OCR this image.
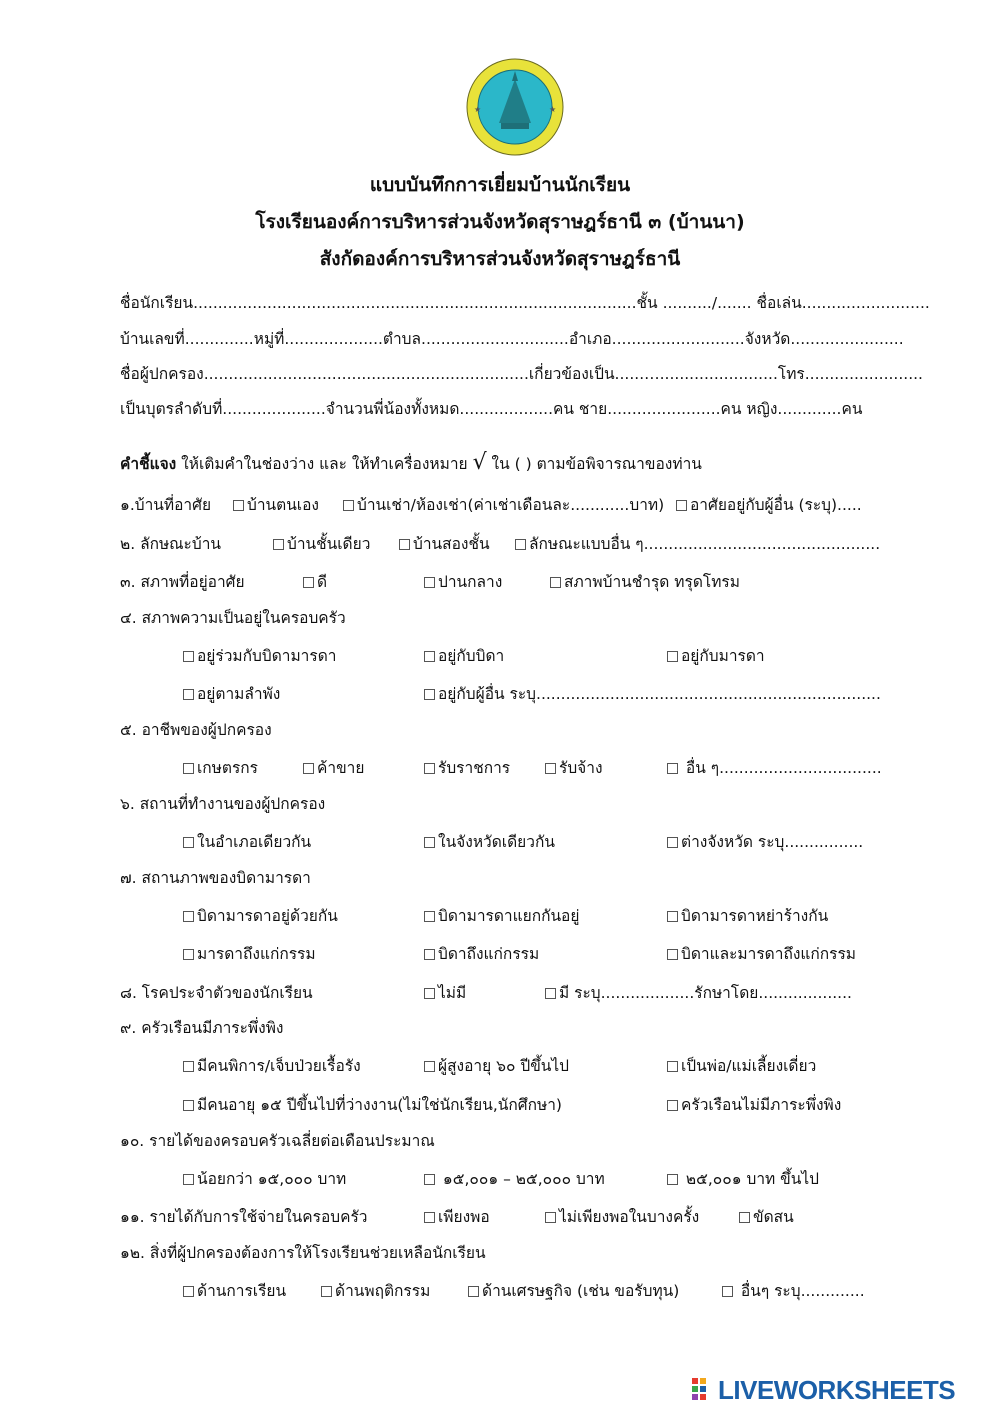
★	★
แบบบันทึกการเยี่ยมบ้านนักเรียน
โรงเรียนองค์การบริหารส่วนจังหวัดสุราษฎร์ธานี ๓ (บ้านนา)
สังกัดองค์การบริหารส่วนจังหวัดสุราษฎร์ธานี
ชื่อนักเรียน..........................................................................................ชั้น ........../....... ชื่อเล่น..........................
บ้านเลขที่..............หมู่ที่....................ตำบล..............................อำเภอ...........................จังหวัด.......................
ชื่อผู้ปกครอง..................................................................เกี่ยวข้องเป็น......…........................โทร........................
เป็นบุตรลำดับที่.....................จำนวนพี่น้องทั้งหมด...................คน ชาย.......................คน หญิง.............คน
คำชี้แจง ให้เติมคำในช่องว่าง และ ให้ทำเครื่องหมาย √ ใน ( ) ตามข้อพิจารณาของท่าน
๑.บ้านที่อาศัย	บ้านตนเอง	บ้านเช่า/ห้องเช่า(ค่าเช่าเดือนละ............บาท)	อาศัยอยู่กับผู้อื่น (ระบุ).....
๒. ลักษณะบ้าน	บ้านชั้นเดียว	บ้านสองชั้น	ลักษณะแบบอื่น ๆ................................................
๓. สภาพที่อยู่อาศัย	ดี	ปานกลาง	สภาพบ้านชำรุด ทรุดโทรม
๔. สภาพความเป็นอยู่ในครอบครัว
อยู่ร่วมกับบิดามารดา	อยู่กับบิดา	อยู่กับมารดา
อยู่ตามลำพัง	อยู่กับผู้อื่น ระบุ......................................................................
๕. อาชีพของผู้ปกครอง
เกษตรกร	ค้าขาย	รับราชการ	รับจ้าง	อื่น ๆ.................................
๖. สถานที่ทำงานของผู้ปกครอง
ในอำเภอเดียวกัน	ในจังหวัดเดียวกัน	ต่างจังหวัด ระบุ................
๗. สถานภาพของบิดามารดา
บิดามารดาอยู่ด้วยกัน	บิดามารดาแยกกันอยู่	บิดามารดาหย่าร้างกัน
มารดาถึงแก่กรรม	บิดาถึงแก่กรรม	บิดาและมารดาถึงแก่กรรม
๘. โรคประจำตัวของนักเรียน	ไม่มี	มี ระบุ...................รักษาโดย...................
๙. ครัวเรือนมีภาระพึ่งพิง
มีคนพิการ/เจ็บป่วยเรื้อรัง	ผู้สูงอายุ ๖๐ ปีขึ้นไป	เป็นพ่อ/แม่เลี้ยงเดี่ยว
มีคนอายุ ๑๕ ปีขึ้นไปที่ว่างงาน(ไม่ใช่นักเรียน,นักศึกษา)	ครัวเรือนไม่มีภาระพึ่งพิง
๑๐. รายได้ของครอบครัวเฉลี่ยต่อเดือนประมาณ
น้อยกว่า ๑๕,๐๐๐ บาท	๑๕,๐๐๑ – ๒๕,๐๐๐ บาท	๒๕,๐๐๑ บาท ขึ้นไป
๑๑. รายได้กับการใช้จ่ายในครอบครัว	เพียงพอ	ไม่เพียงพอในบางครั้ง	ขัดสน
๑๒. สิ่งที่ผู้ปกครองต้องการให้โรงเรียนช่วยเหลือนักเรียน
ด้านการเรียน	ด้านพฤติกรรม	ด้านเศรษฐกิจ (เช่น ขอรับทุน)	อื่นๆ ระบุ.............
LIVEWORKSHEETS
